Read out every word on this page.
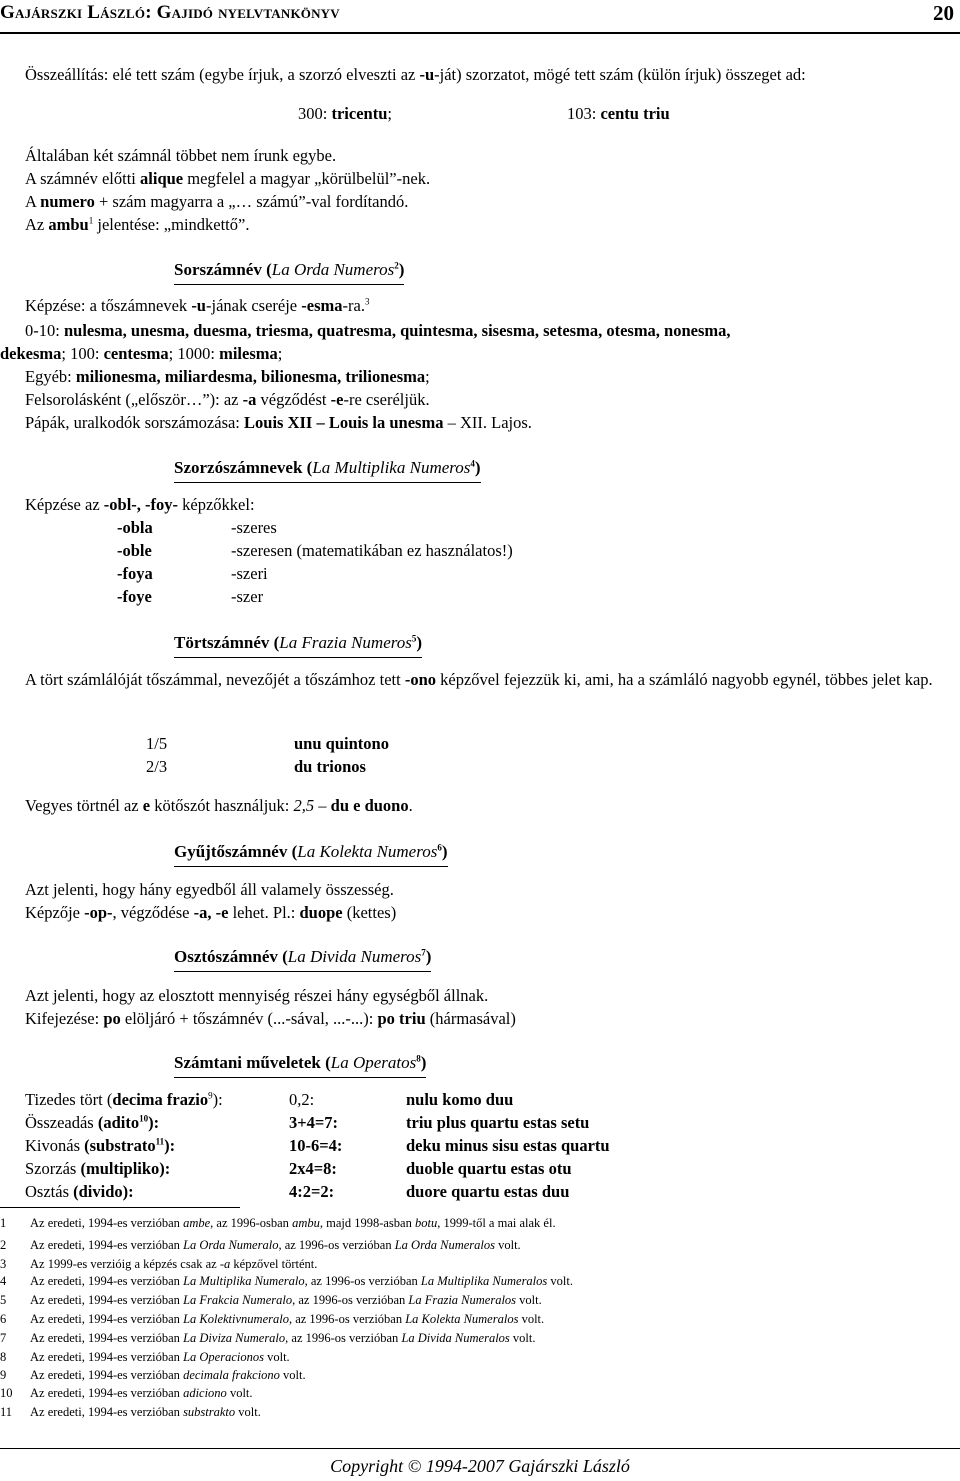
Gajárszki László: Gajidó nyelvtankönyv	20
Összeállítás: elé tett szám (egybe írjuk, a szorzó elveszti az -u-ját) szorzatot, mögé tett szám (külön írjuk) összeget ad:
300: tricentu;	103: centu triu
Általában két számnál többet nem írunk egybe.
A számnév előtti alique megfelel a magyar „körülbelül”-nek.
A numero + szám magyarra a „… számú”-val fordítandó.
Az ambu$^1$ jelentése: „mindkettő”.
Sorszámnév (La Orda Numeros$^2$)
Képzése: a tőszámnevek -u-jának cseréje -esma-ra.$^3$
0-10: nulesma, unesma, duesma, triesma, quatresma, quintesma, sisesma, setesma, otesma, nonesma,
dekesma; 100: centesma; 1000: milesma;
Egyéb: milionesma, miliardesma, bilionesma, trilionesma;
Felsorolásként („először…”): az -a végződést -e-re cseréljük.
Pápák, uralkodók sorszámozása: Louis XII – Louis la unesma – XII. Lajos.
Szorzószámnevek (La Multiplika Numeros$^4$)
Képzése az -obl-, -foy- képzőkkel:
-obla	-szeres
-oble	-szeresen (matematikában ez használatos!)
-foya	-szeri
-foye	-szer
Törtszámnév (La Frazia Numeros$^5$)
A tört számlálóját tőszámmal, nevezőjét a tőszámhoz tett -ono képzővel fejezzük ki, ami, ha a számláló nagyobb egynél, többes jelet kap.
1/5	unu quintono
2/3	du trionos
Vegyes törtnél az e kötőszót használjuk: 2,5 – du e duono.
Gyűjtőszámnév (La Kolekta Numeros$^6$)
Azt jelenti, hogy hány egyedből áll valamely összesség.
Képzője -op-, végződése -a, -e lehet. Pl.: duope (kettes)
Osztószámnév (La Divida Numeros$^7$)
Azt jelenti, hogy az elosztott mennyiség részei hány egységből állnak.
Kifejezése: po elöljáró + tőszámnév (...-sával, ...-...): po triu (hármasával)
Számtani műveletek (La Operatos$^8$)
Tizedes tört (decima frazio$^9$):	0,2:	nulu komo duu
Összeadás (adito$^{10}$):	3+4=7:	triu plus quartu estas setu
Kivonás (substrato$^{11}$):	10-6=4:	deku minus sisu estas quartu
Szorzás (multipliko):	2x4=8:	duoble quartu estas otu
Osztás (divido):	4:2=2:	duore quartu estas duu
1 Az eredeti, 1994-es verzióban ambe, az 1996-osban ambu, majd 1998-asban botu, 1999-től a mai alak él.
2 Az eredeti, 1994-es verzióban La Orda Numeralo, az 1996-os verzióban La Orda Numeralos volt.
3 Az 1999-es verzióig a képzés csak az -a képzővel történt.
4 Az eredeti, 1994-es verzióban La Multiplika Numeralo, az 1996-os verzióban La Multiplika Numeralos volt.
5 Az eredeti, 1994-es verzióban La Frakcia Numeralo, az 1996-os verzióban La Frazia Numeralos volt.
6 Az eredeti, 1994-es verzióban La Kolektivnumeralo, az 1996-os verzióban La Kolekta Numeralos volt.
7 Az eredeti, 1994-es verzióban La Diviza Numeralo, az 1996-os verzióban La Divida Numeralos volt.
8 Az eredeti, 1994-es verzióban La Operacionos volt.
9 Az eredeti, 1994-es verzióban decimala frakciono volt.
10 Az eredeti, 1994-es verzióban adiciono volt.
11 Az eredeti, 1994-es verzióban substrakto volt.
Copyright © 1994-2007 Gajárszki László
